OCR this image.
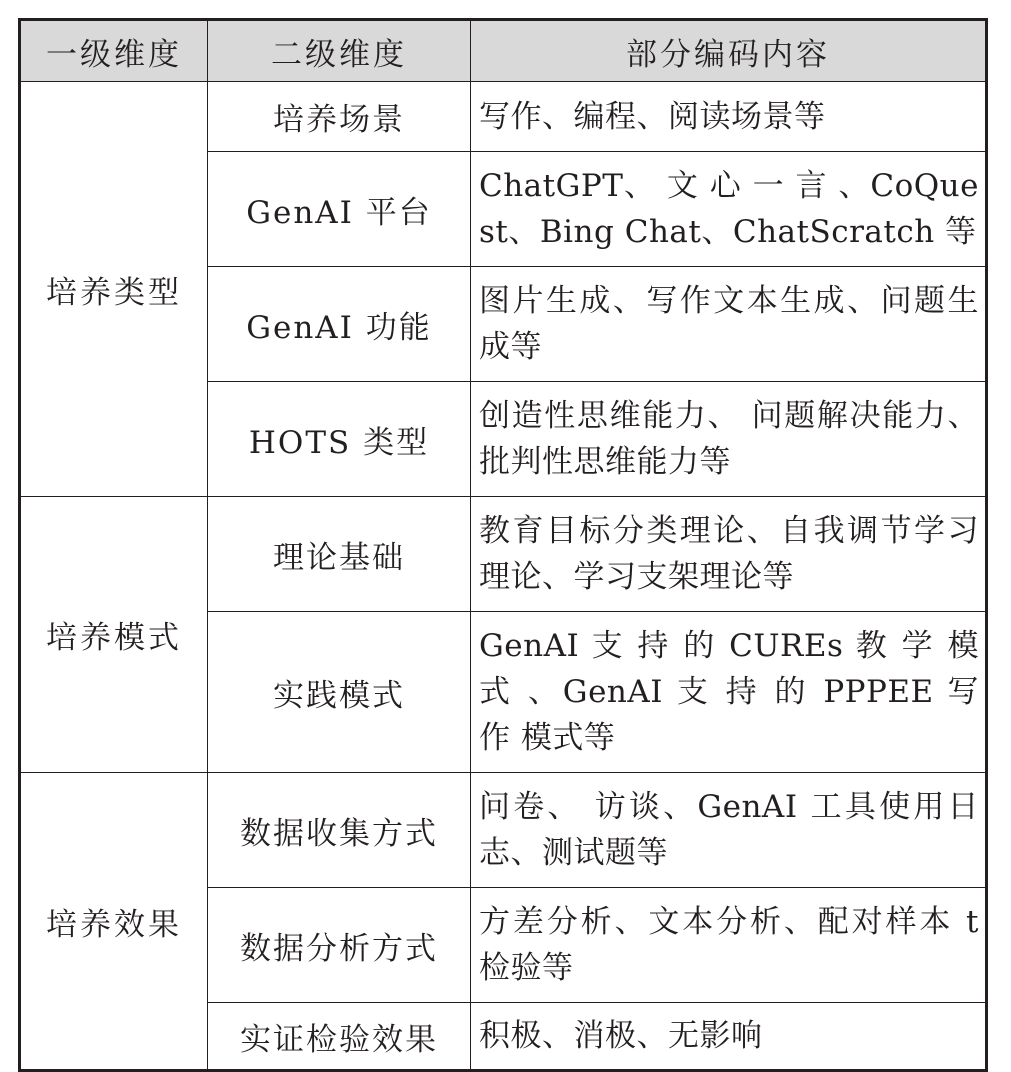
一级维度	二级维度	部分编码内容
培养类型	培养场景	写作、编程、阅读场景等
	GenAI 平台	ChatGPT、 文 心 一 言 、CoQuest、Bing Chat、ChatScratch 等
	GenAI 功能	图片生成、写作文本生成、问题生成等
	HOTS 类型	创造性思维能力、 问题解决能力、批判性思维能力等
培养模式	理论基础	教育目标分类理论、自我调节学习理论、学习支架理论等
	实践模式	GenAI 支 持 的 CUREs 教 学 模 式 、GenAI 支 持 的 PPPEE 写 作 模式等
培养效果	数据收集方式	问卷、 访谈、GenAI 工具使用日志、测试题等
	数据分析方式	方差分析、文本分析、配对样本 t 检验等
	实证检验效果	积极、消极、无影响
